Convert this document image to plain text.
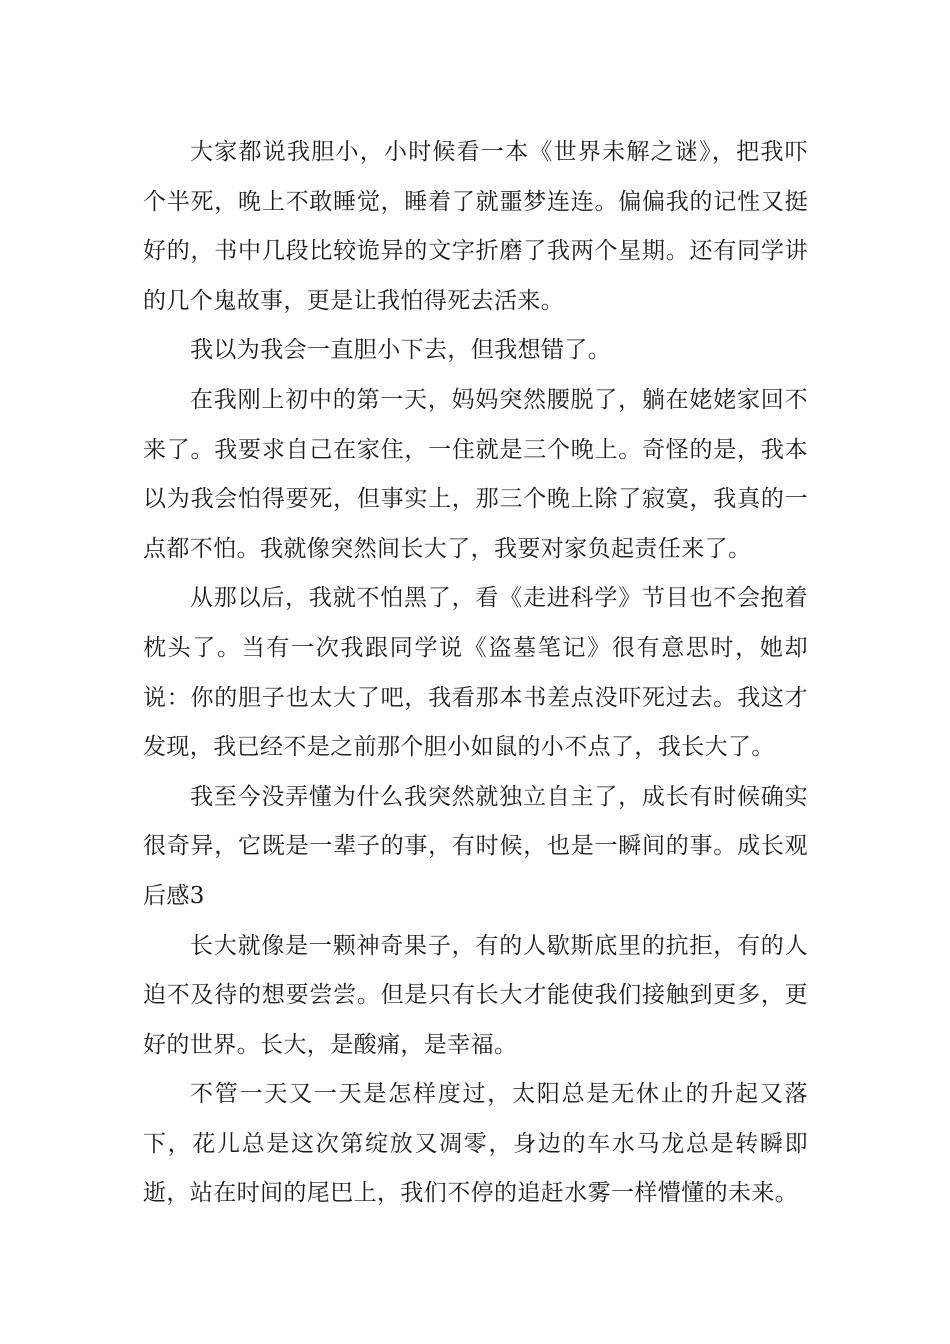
大家都说我胆小，小时候看一本《世界未解之谜》，把我吓个半死，晚上不敢睡觉，睡着了就噩梦连连。偏偏我的记性又挺好的，书中几段比较诡异的文字折磨了我两个星期。还有同学讲的几个鬼故事，更是让我怕得死去活来。

我以为我会一直胆小下去，但我想错了。

在我刚上初中的第一天，妈妈突然腰脱了，躺在姥姥家回不来了。我要求自己在家住，一住就是三个晚上。奇怪的是，我本以为我会怕得要死，但事实上，那三个晚上除了寂寞，我真的一点都不怕。我就像突然间长大了，我要对家负起责任来了。

从那以后，我就不怕黑了，看《走进科学》节目也不会抱着枕头了。当有一次我跟同学说《盗墓笔记》很有意思时，她却说：你的胆子也太大了吧，我看那本书差点没吓死过去。我这才发现，我已经不是之前那个胆小如鼠的小不点了，我长大了。

我至今没弄懂为什么我突然就独立自主了，成长有时候确实很奇异，它既是一辈子的事，有时候，也是一瞬间的事。成长观后感3

长大就像是一颗神奇果子，有的人歇斯底里的抗拒，有的人迫不及待的想要尝尝。但是只有长大才能使我们接触到更多，更好的世界。长大，是酸痛，是幸福。

不管一天又一天是怎样度过，太阳总是无休止的升起又落下，花儿总是这次第绽放又凋零，身边的车水马龙总是转瞬即逝，站在时间的尾巴上，我们不停的追赶水雾一样懵懂的未来。
